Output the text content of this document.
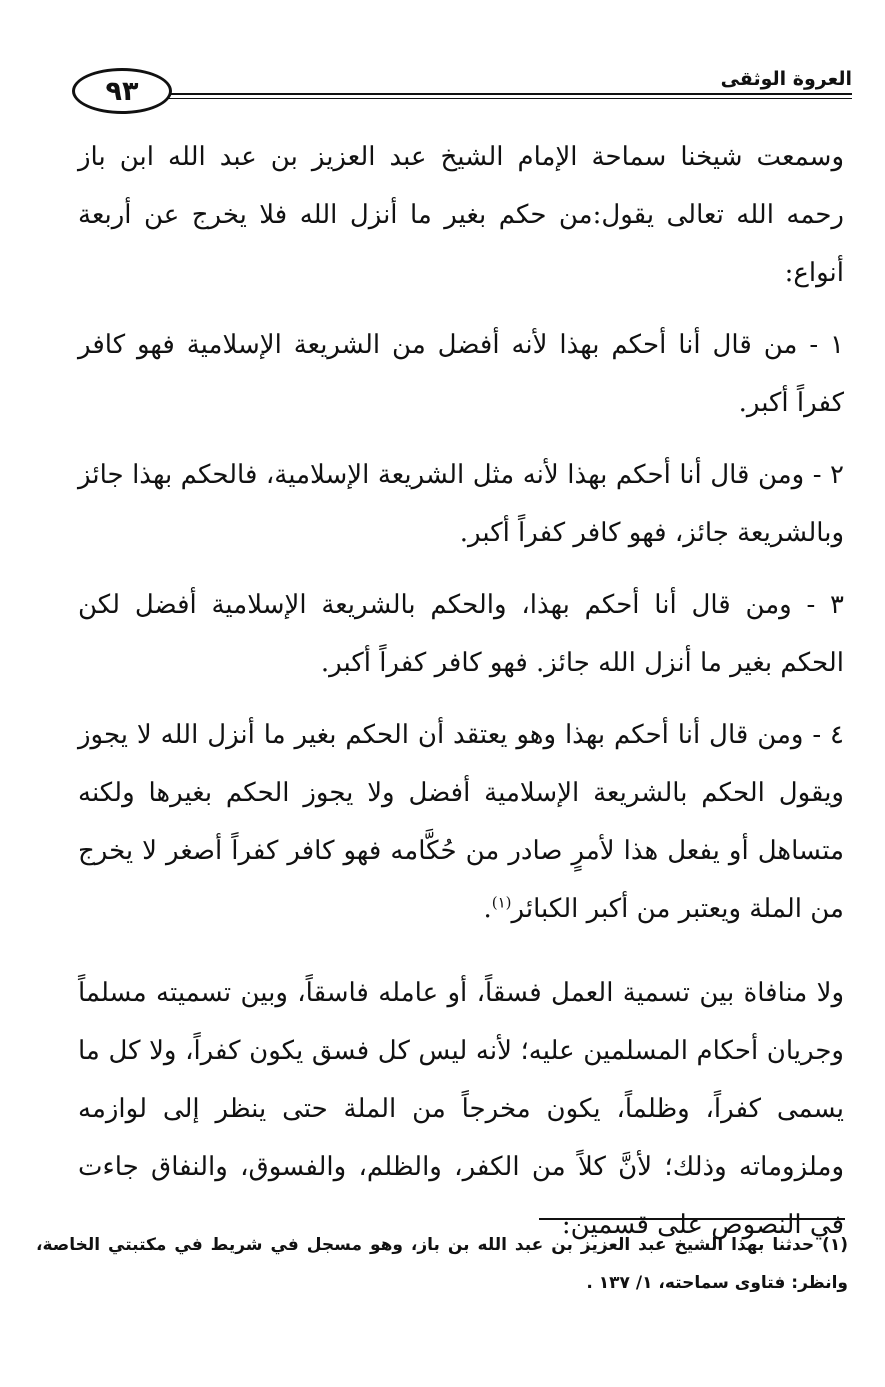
العروة الوثقى
٩٣

وسمعت شيخنا سماحة الإمام الشيخ عبد العزيز بن عبد الله ابن باز رحمه الله تعالى يقول:من حكم بغير ما أنزل الله فلا يخرج عن أربعة أنواع:

١ - من قال أنا أحكم بهذا لأنه أفضل من الشريعة الإسلامية فهو كافر كفراً أكبر.

٢ - ومن قال أنا أحكم بهذا لأنه مثل الشريعة الإسلامية، فالحكم بهذا جائز وبالشريعة جائز، فهو كافر كفراً أكبر.

٣ - ومن قال أنا أحكم بهذا، والحكم بالشريعة الإسلامية أفضل لكن الحكم بغير ما أنزل الله جائز. فهو كافر كفراً أكبر.

٤ - ومن قال أنا أحكم بهذا وهو يعتقد أن الحكم بغير ما أنزل الله لا يجوز ويقول الحكم بالشريعة الإسلامية أفضل ولا يجوز الحكم بغيرها ولكنه متساهل أو يفعل هذا لأمرٍ صادر من حُكَّامه فهو كافر كفراً أصغر لا يخرج من الملة ويعتبر من أكبر الكبائر$^{(١)}$.

ولا منافاة بين تسمية العمل فسقاً، أو عامله فاسقاً، وبين تسميته مسلماً وجريان أحكام المسلمين عليه؛ لأنه ليس كل فسق يكون كفراً، ولا كل ما يسمى كفراً، وظلماً، يكون مخرجاً من الملة حتى ينظر إلى لوازمه وملزوماته وذلك؛ لأنَّ كلاً من الكفر، والظلم، والفسوق، والنفاق جاءت في النصوص على قسمين:

(١) حدثنا بهذا الشيخ عبد العزيز بن عبد الله بن باز، وهو مسجل في شريط في مكتبتي الخاصة، وانظر: فتاوى سماحته، ١/ ١٣٧ .
